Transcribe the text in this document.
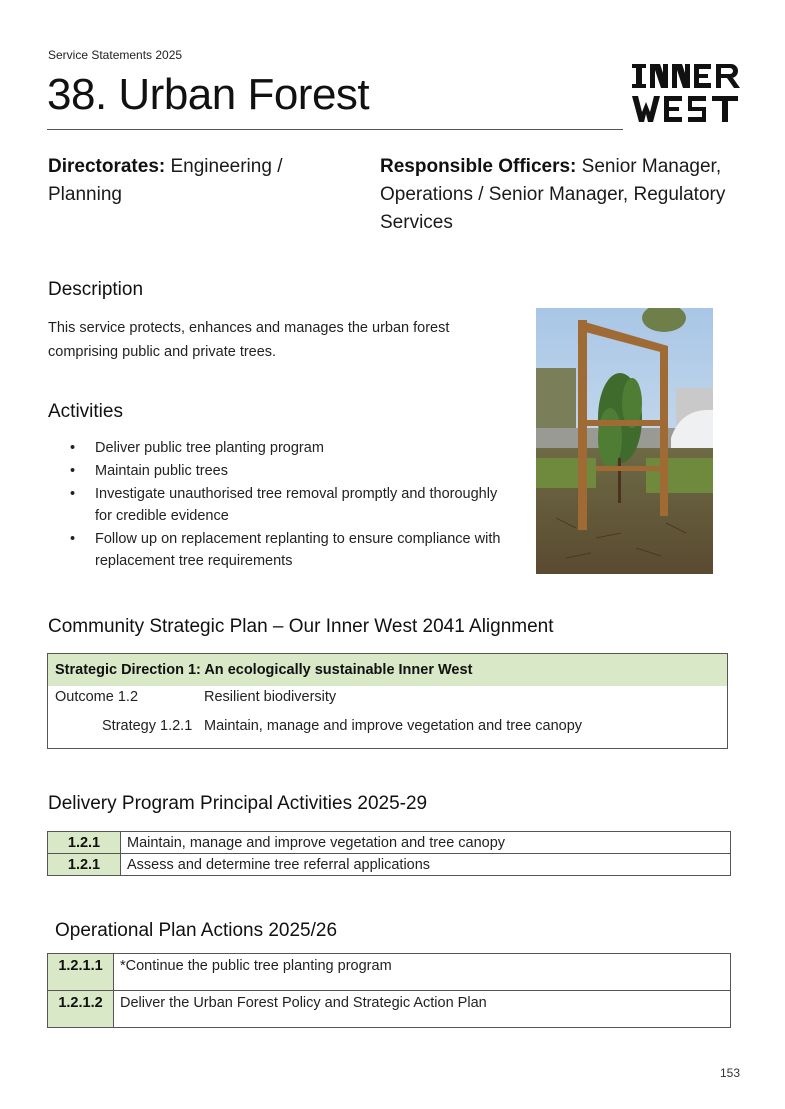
Service Statements 2025
38. Urban Forest
Directorates: Engineering / Planning
Responsible Officers: Senior Manager, Operations / Senior Manager, Regulatory Services
Description
This service protects, enhances and manages the urban forest comprising public and private trees.
Activities
• Deliver public tree planting program
• Maintain public trees
• Investigate unauthorised tree removal promptly and thoroughly for credible evidence
• Follow up on replacement replanting to ensure compliance with replacement tree requirements
Community Strategic Plan – Our Inner West 2041 Alignment
Strategic Direction 1: An ecologically sustainable Inner West
Outcome 1.2	Resilient biodiversity
Strategy 1.2.1 Maintain, manage and improve vegetation and tree canopy
Delivery Program Principal Activities 2025-29
1.2.1	Maintain, manage and improve vegetation and tree canopy
1.2.1	Assess and determine tree referral applications
Operational Plan Actions 2025/26
1.2.1.1	*Continue the public tree planting program
1.2.1.2	Deliver the Urban Forest Policy and Strategic Action Plan
153
